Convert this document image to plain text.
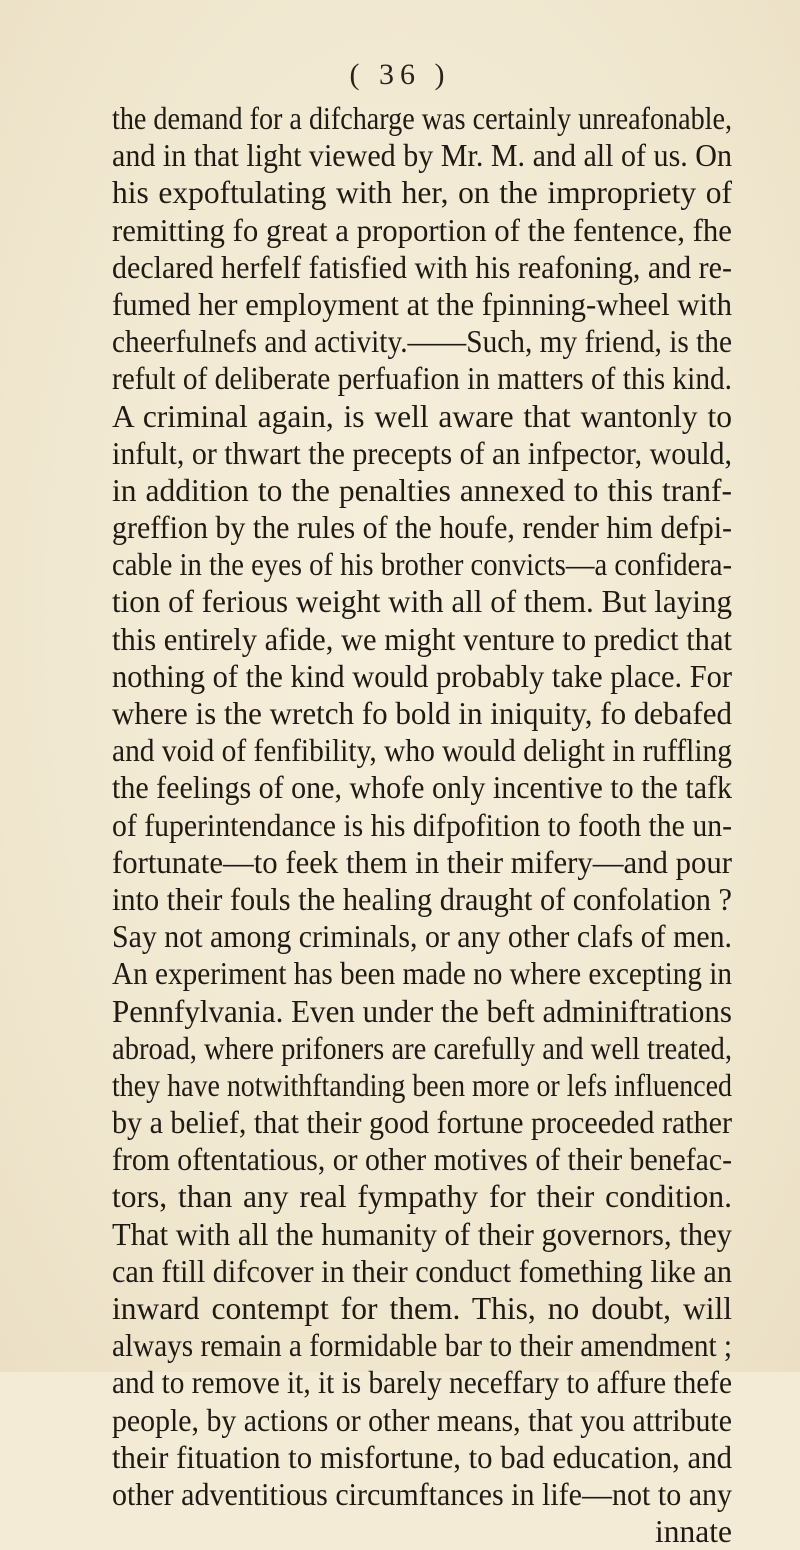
( 36 )
the demand for a difcharge was certainly unreafonable,
and in that light viewed by Mr. M. and all of us. On
his expoftulating with her, on the impropriety of
remitting fo great a proportion of the fentence, fhe
declared herfelf fatisfied with his reafoning, and re-
fumed her employment at the fpinning-wheel with
cheerfulnefs and activity.——Such, my friend, is the
refult of deliberate perfuafion in matters of this kind.
A criminal again, is well aware that wantonly to
infult, or thwart the precepts of an infpector, would,
in addition to the penalties annexed to this tranf-
greffion by the rules of the houfe, render him defpi-
cable in the eyes of his brother convicts—a confidera-
tion of ferious weight with all of them. But laying
this entirely afide, we might venture to predict that
nothing of the kind would probably take place. For
where is the wretch fo bold in iniquity, fo debafed
and void of fenfibility, who would delight in ruffling
the feelings of one, whofe only incentive to the tafk
of fuperintendance is his difpofition to footh the un-
fortunate—to feek them in their mifery—and pour
into their fouls the healing draught of confolation ?
Say not among criminals, or any other clafs of men.
An experiment has been made no where excepting in
Pennfylvania. Even under the beft adminiftrations
abroad, where prifoners are carefully and well treated,
they have notwithftanding been more or lefs influenced
by a belief, that their good fortune proceeded rather
from oftentatious, or other motives of their benefac-
tors, than any real fympathy for their condition.
That with all the humanity of their governors, they
can ftill difcover in their conduct fomething like an
inward contempt for them. This, no doubt, will
always remain a formidable bar to their amendment ;
and to remove it, it is barely neceffary to affure thefe
people, by actions or other means, that you attribute
their fituation to misfortune, to bad education, and
other adventitious circumftances in life—not to any
innate
